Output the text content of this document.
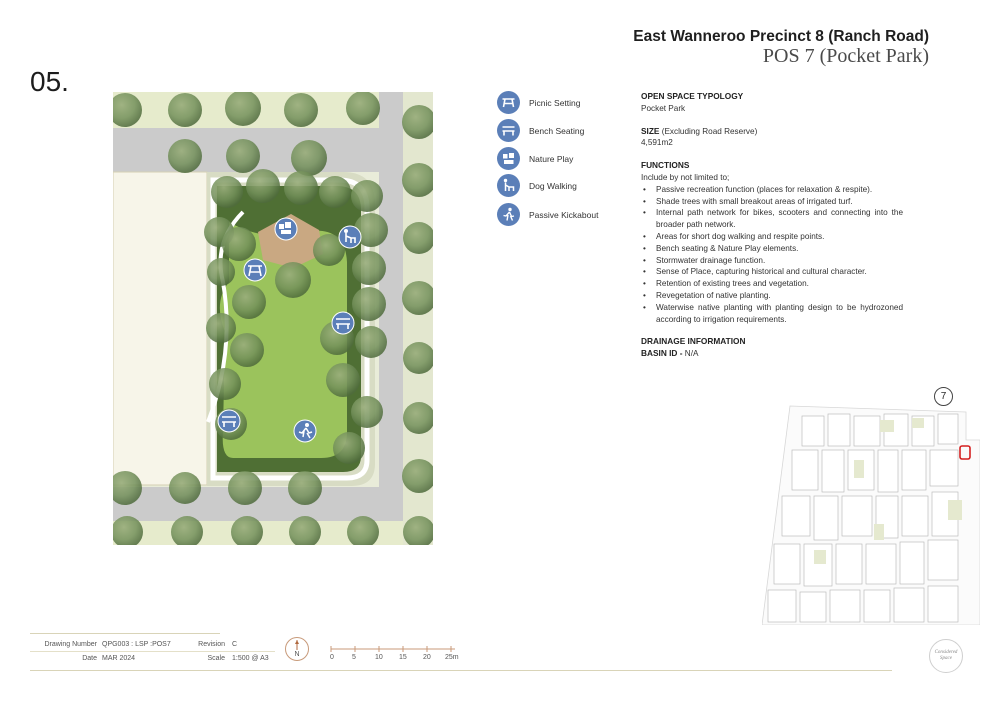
East Wanneroo Precinct 8 (Ranch Road)
POS 7 (Pocket Park)
05.
Picnic Setting
Bench Seating
Nature Play
Dog Walking
Passive Kickabout
OPEN SPACE TYPOLOGY
Pocket Park
SIZE (Excluding Road Reserve)
4,591m2
FUNCTIONS
Include by not limited to;
• Passive recreation function (places for relaxation & respite).
• Shade trees with small breakout areas of irrigated turf.
• Internal path network for bikes, scooters and connecting into the broader path network.
• Areas for short dog walking and respite points.
• Bench seating & Nature Play elements.
• Stormwater drainage function.
• Sense of Place, capturing historical and cultural character.
• Retention of existing trees and vegetation.
• Revegetation of native planting.
• Waterwise native planting with planting design to be hydrozoned according to irrigation requirements.
DRAINAGE INFORMATION
BASIN ID - N/A
7
Drawing Number QPG003 : LSP :POS7	Revision C
Date MAR 2024	Scale 1:500 @ A3
N	0	5	10 15 20 25m
Considered Space
